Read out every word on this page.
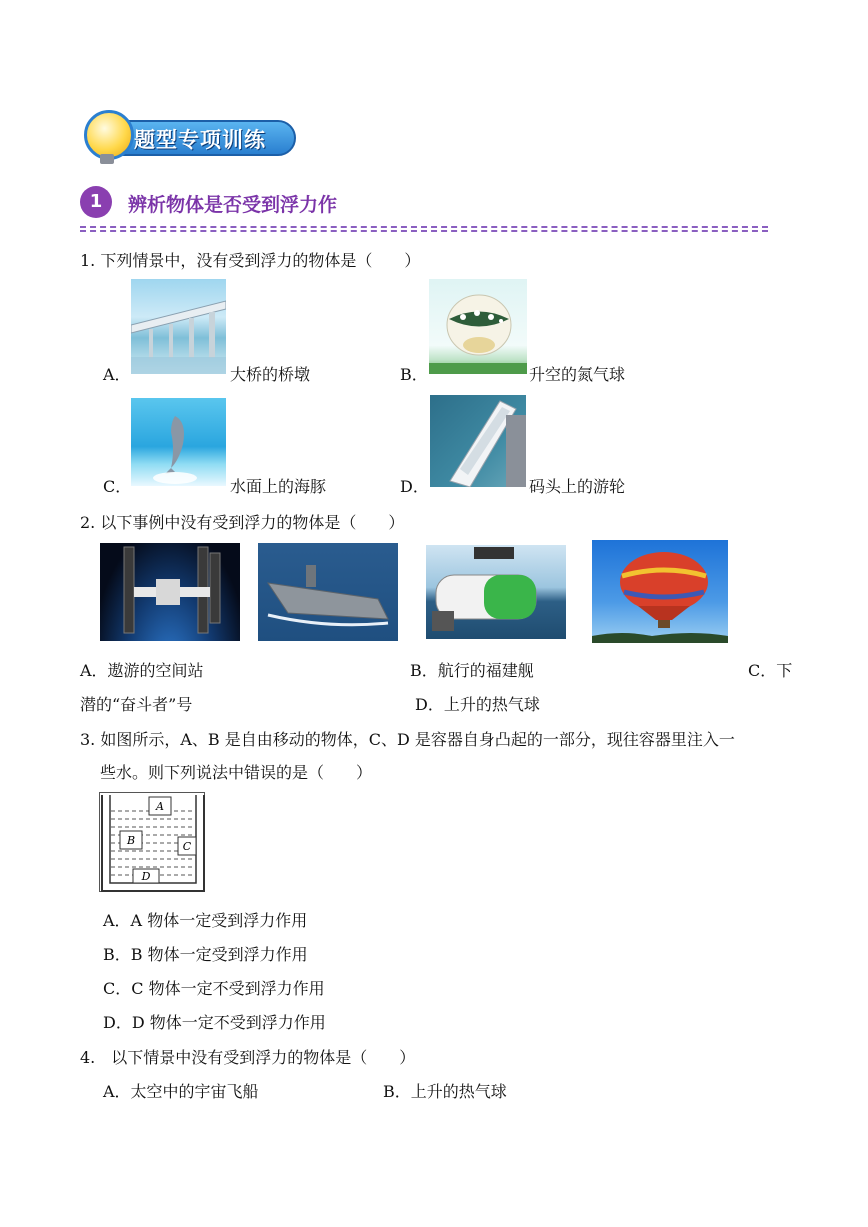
题型专项训练
1	辨析物体是否受到浮力作
1. 下列情景中，没有受到浮力的物体是（　　）
A．	大桥的桥墩	B．	升空的氮气球
C．	水面上的海豚	D．	码头上的游轮
2. 以下事例中没有受到浮力的物体是（　　）
A．遨游的空间站	B．航行的福建舰	C．下
潜的“奋斗者”号	D．上升的热气球
3. 如图所示，A、B 是自由移动的物体，C、D 是容器自身凸起的一部分，现往容器里注入一
些水。则下列说法中错误的是（　　）
A
B	C
D
A．A 物体一定受到浮力作用
B．B 物体一定受到浮力作用
C．C 物体一定不受到浮力作用
D．D 物体一定不受到浮力作用
4.　以下情景中没有受到浮力的物体是（　　）
A．太空中的宇宙飞船	B．上升的热气球
